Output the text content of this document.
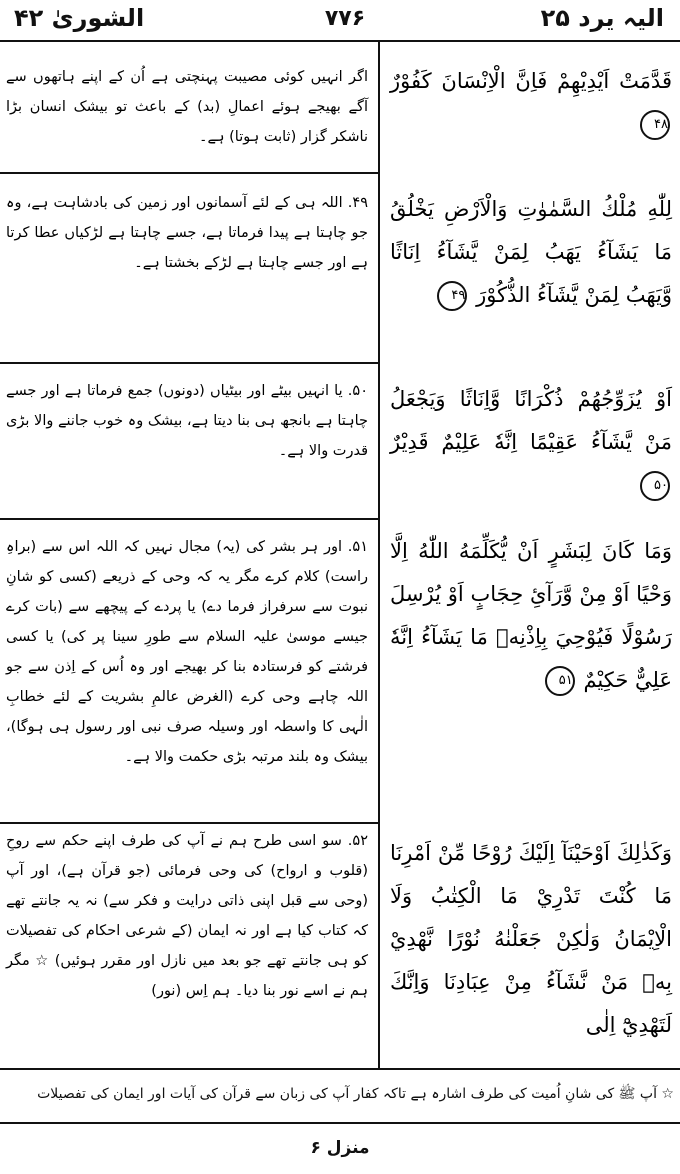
الیہ یرد ۲۵
۷۷۶
الشوریٰ ۴۲
قَدَّمَتْ اَيْدِيْهِمْ فَاِنَّ الْاِنْسَانَ كَفُوْرٌ ۴۸
اگر انہیں کوئی مصیبت پہنچتی ہے اُن کے اپنے ہاتھوں سے آگے بھیجے ہوئے اعمالِ (بد) کے باعث تو بیشک انسان بڑا ناشکر گزار (ثابت ہوتا) ہے۔
لِلّٰهِ مُلْكُ السَّمٰوٰتِ وَالْاَرْضِ يَخْلُقُ مَا يَشَآءُ يَهَبُ لِمَنْ يَّشَآءُ اِنَاثًا وَّيَهَبُ لِمَنْ يَّشَآءُ الذُّكُوْرَ ۴۹
۴۹. اللہ ہی کے لئے آسمانوں اور زمین کی بادشاہت ہے، وہ جو چاہتا ہے پیدا فرماتا ہے، جسے چاہتا ہے لڑکیاں عطا کرتا ہے اور جسے چاہتا ہے لڑکے بخشتا ہے۔
اَوْ يُزَوِّجُهُمْ ذُكْرَانًا وَّاِنَاثًا وَيَجْعَلُ مَنْ يَّشَآءُ عَقِيْمًا اِنَّهٗ عَلِيْمٌ قَدِيْرٌ ۵۰
۵۰. یا انہیں بیٹے اور بیٹیاں (دونوں) جمع فرماتا ہے اور جسے چاہتا ہے بانجھ ہی بنا دیتا ہے، بیشک وہ خوب جاننے والا بڑی قدرت والا ہے۔
وَمَا كَانَ لِبَشَرٍ اَنْ يُّكَلِّمَهُ اللّٰهُ اِلَّا وَحْيًا اَوْ مِنْ وَّرَآئِ حِجَابٍ اَوْ يُرْسِلَ رَسُوْلًا فَيُوْحِيَ بِاِذْنِهٖ مَا يَشَآءُ اِنَّهٗ عَلِيٌّ حَكِيْمٌ ۵۱
۵۱. اور ہر بشر کی (یہ) مجال نہیں کہ اللہ اس سے (براہِ راست) کلام کرے مگر یہ کہ وحی کے ذریعے (کسی کو شانِ نبوت سے سرفراز فرما دے) یا پردے کے پیچھے سے (بات کرے جیسے موسیٰ علیہ السلام سے طورِ سینا پر کی) یا کسی فرشتے کو فرستادہ بنا کر بھیجے اور وہ اُس کے اِذن سے جو اللہ چاہے وحی کرے (الغرض عالمِ بشریت کے لئے خطابِ الٰہی کا واسطہ اور وسیلہ صرف نبی اور رسول ہی ہوگا)، بیشک وہ بلند مرتبہ بڑی حکمت والا ہے۔
وَكَذٰلِكَ اَوْحَيْنَآ اِلَيْكَ رُوْحًا مِّنْ اَمْرِنَا مَا كُنْتَ تَدْرِيْ مَا الْكِتٰبُ وَلَا الْاِيْمَانُ وَلٰكِنْ جَعَلْنٰهُ نُوْرًا نَّهْدِيْ بِهٖ مَنْ نَّشَآءُ مِنْ عِبَادِنَا وَاِنَّكَ لَتَهْدِيْٓ اِلٰى
۵۲. سو اسی طرح ہم نے آپ کی طرف اپنے حکم سے روحِ (قلوب و ارواح) کی وحی فرمائی (جو قرآن ہے)، اور آپ (وحی سے قبل اپنی ذاتی درایت و فکر سے) نہ یہ جانتے تھے کہ کتاب کیا ہے اور نہ ایمان (کے شرعی احکام کی تفصیلات کو ہی جانتے تھے جو بعد میں نازل اور مقرر ہوئیں) ☆ مگر ہم نے اسے نور بنا دیا۔ ہم اِس (نور)
☆ آپ ﷺ کی شانِ اُمیت کی طرف اشارہ ہے تاکہ کفار آپ کی زبان سے قرآن کی آیات اور ایمان کی تفصیلات
منزل ۶
